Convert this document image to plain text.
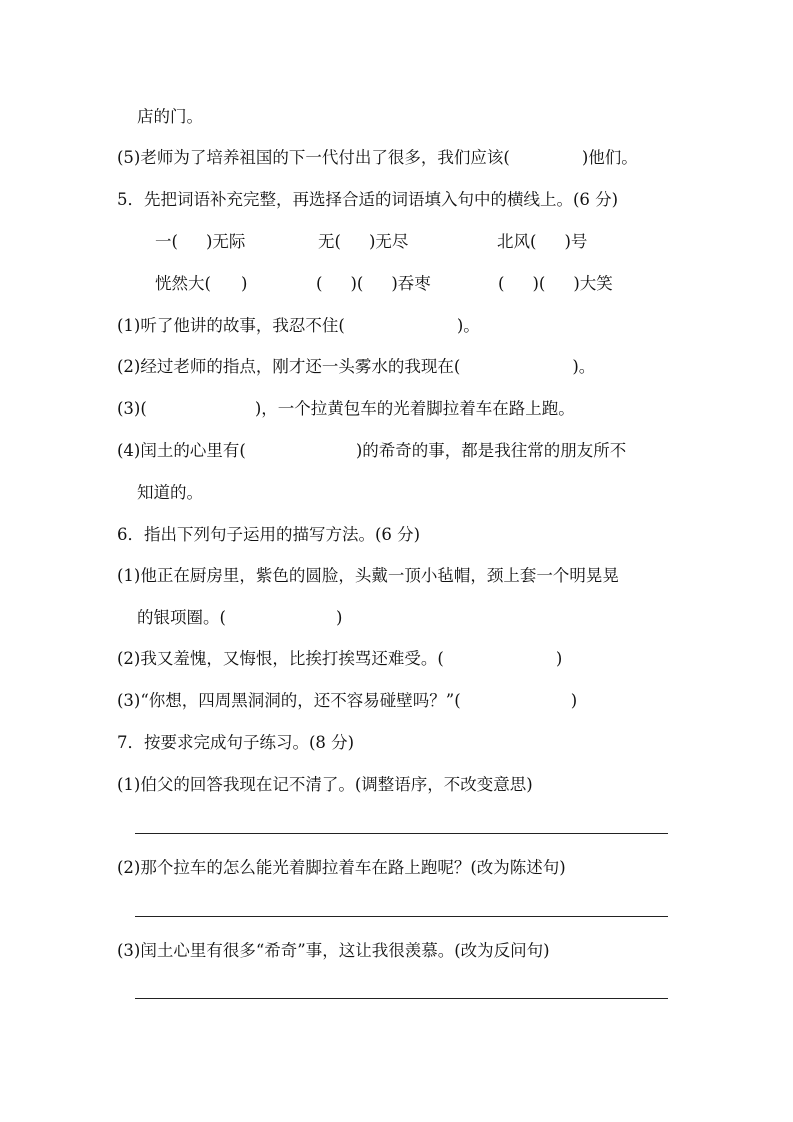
店的门。
(5)老师为了培养祖国的下一代付出了很多，我们应该(	)他们。
5．先把词语补充完整，再选择合适的词语填入句中的横线上。(6 分)
一( )无际	无( )无尽	北风( )号
恍然大( )	( )( )吞枣	( )( )大笑
(1)听了他讲的故事，我忍不住(	)。
(2)经过老师的指点，刚才还一头雾水的我现在(	)。
(3)(	)，一个拉黄包车的光着脚拉着车在路上跑。
(4)闰土的心里有(	)的希奇的事，都是我往常的朋友所不
知道的。
6．指出下列句子运用的描写方法。(6 分)
(1)他正在厨房里，紫色的圆脸，头戴一顶小毡帽，颈上套一个明晃晃
的银项圈。(	)
(2)我又羞愧，又悔恨，比挨打挨骂还难受。(	)
(3)“你想，四周黑洞洞的，还不容易碰壁吗？”(	)
7．按要求完成句子练习。(8 分)
(1)伯父的回答我现在记不清了。(调整语序，不改变意思)
(2)那个拉车的怎么能光着脚拉着车在路上跑呢？(改为陈述句)
(3)闰土心里有很多“希奇”事，这让我很羡慕。(改为反问句)
